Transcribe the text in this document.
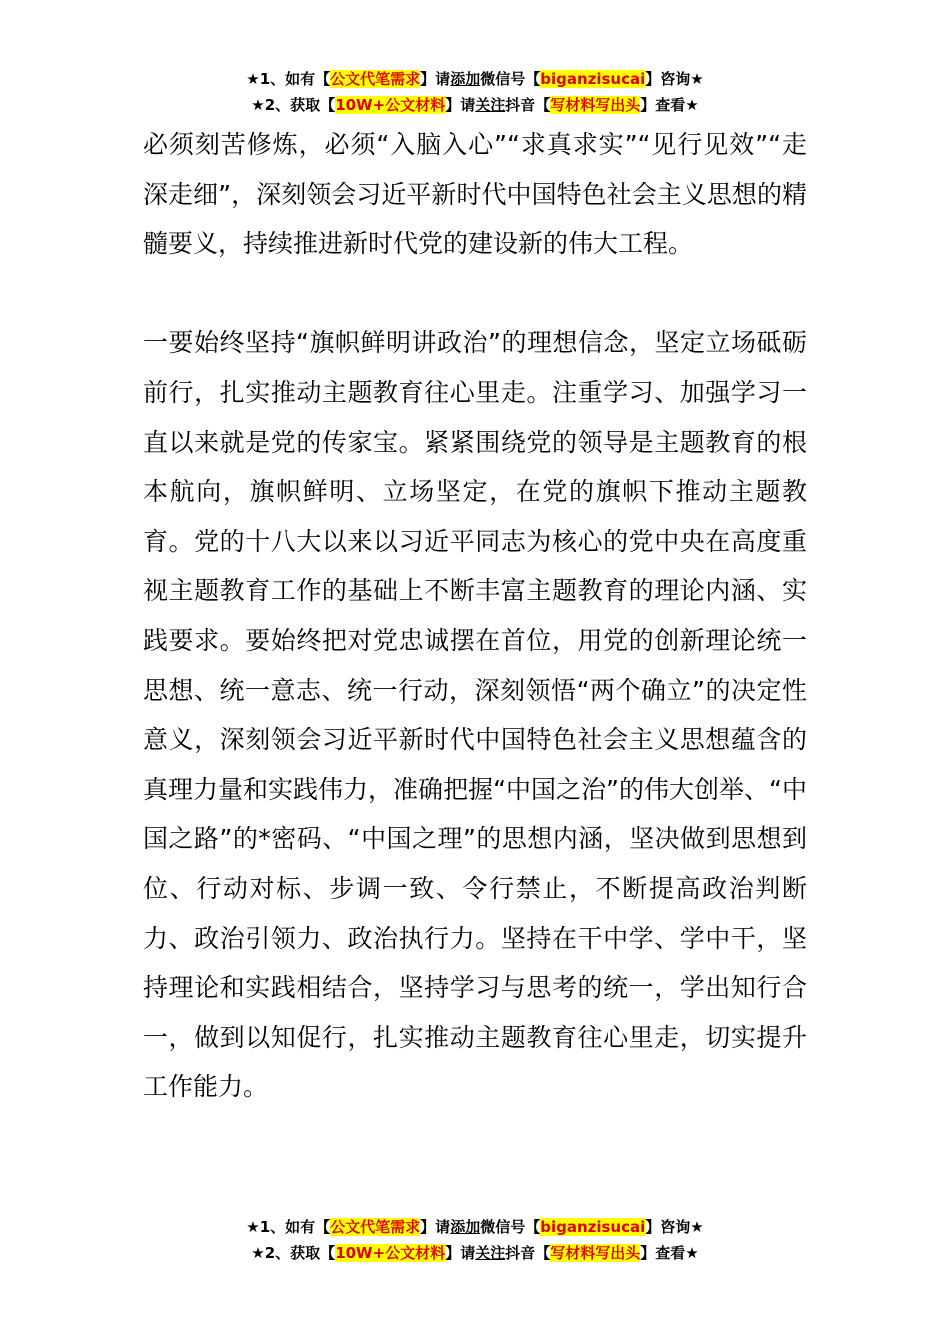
★1、如有【公文代笔需求】请添加微信号【biganzisucai】咨询★
★2、获取【10W+公文材料】请关注抖音【写材料写出头】查看★

必须刻苦修炼，必须“入脑入心”“求真求实”“见行见效”“走深走细”，深刻领会习近平新时代中国特色社会主义思想的精髓要义，持续推进新时代党的建设新的伟大工程。

一要始终坚持“旗帜鲜明讲政治”的理想信念，坚定立场砥砺前行，扎实推动主题教育往心里走。注重学习、加强学习一直以来就是党的传家宝。紧紧围绕党的领导是主题教育的根本航向，旗帜鲜明、立场坚定，在党的旗帜下推动主题教育。党的十八大以来以习近平同志为核心的党中央在高度重视主题教育工作的基础上不断丰富主题教育的理论内涵、实践要求。要始终把对党忠诚摆在首位，用党的创新理论统一思想、统一意志、统一行动，深刻领悟“两个确立”的决定性意义，深刻领会习近平新时代中国特色社会主义思想蕴含的真理力量和实践伟力，准确把握“中国之治”的伟大创举、“中国之路”的*密码、“中国之理”的思想内涵，坚决做到思想到位、行动对标、步调一致、令行禁止，不断提高政治判断力、政治引领力、政治执行力。坚持在干中学、学中干，坚持理论和实践相结合，坚持学习与思考的统一，学出知行合一，做到以知促行，扎实推动主题教育往心里走，切实提升工作能力。

★1、如有【公文代笔需求】请添加微信号【biganzisucai】咨询★
★2、获取【10W+公文材料】请关注抖音【写材料写出头】查看★
